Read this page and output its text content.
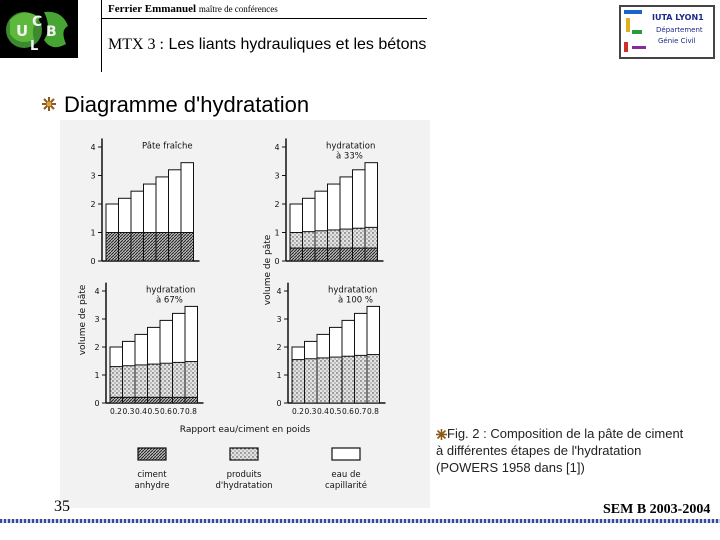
U C
B
L
Ferrier Emmanuel maître de conférences
MTX 3 : Les liants hydrauliques et les bétons
IUTA LYON1
Département
Génie Civil
Diagramme d'hydratation
0
1
2
3
4	Pâte fraîche
0
1
2
3
4	hydratation
à 33%
0
1
2
3
4	hydratation
à 67%
0
1
2
3
4	hydratation
à 100 %
0.2 0.3 0.4 0.5 0.6 0.7 0.8	0.2 0.3 0.4 0.5 0.6 0.7 0.8
volume de pâte
volume de pâte
Rapport eau/ciment en poids
ciment
anhydre
produits
d'hydratation
eau de
capillarité
Fig. 2 : Composition de la pâte de ciment à différentes étapes de l'hydratation (POWERS 1958 dans [1])
35	SEM B 2003-2004
